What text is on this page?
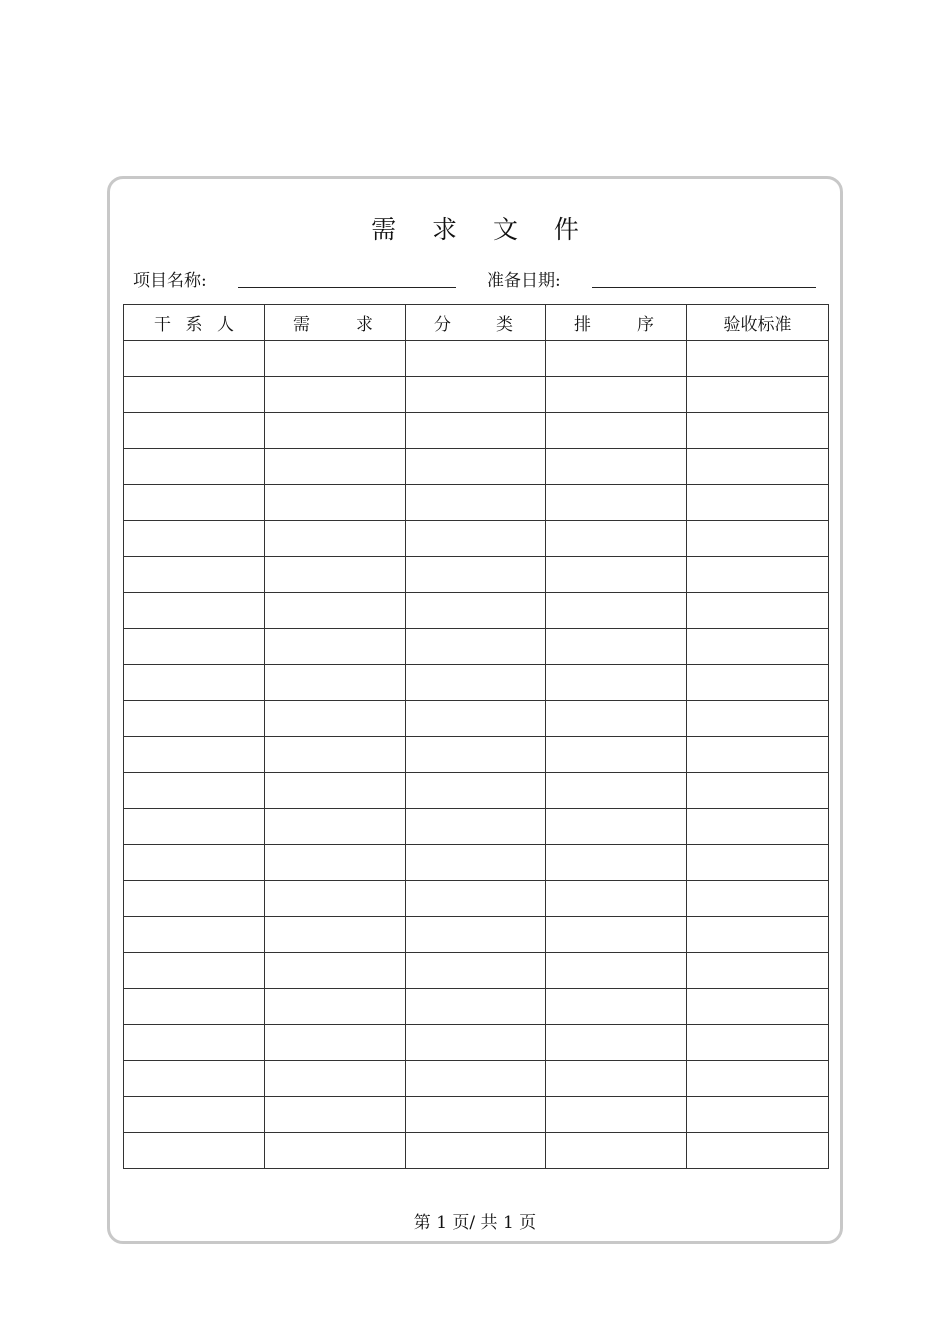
需 求 文 件
项目名称:	准备日期:
干 系 人	需 求	分 类	排 序	验收标准

第 1 页/ 共 1 页
